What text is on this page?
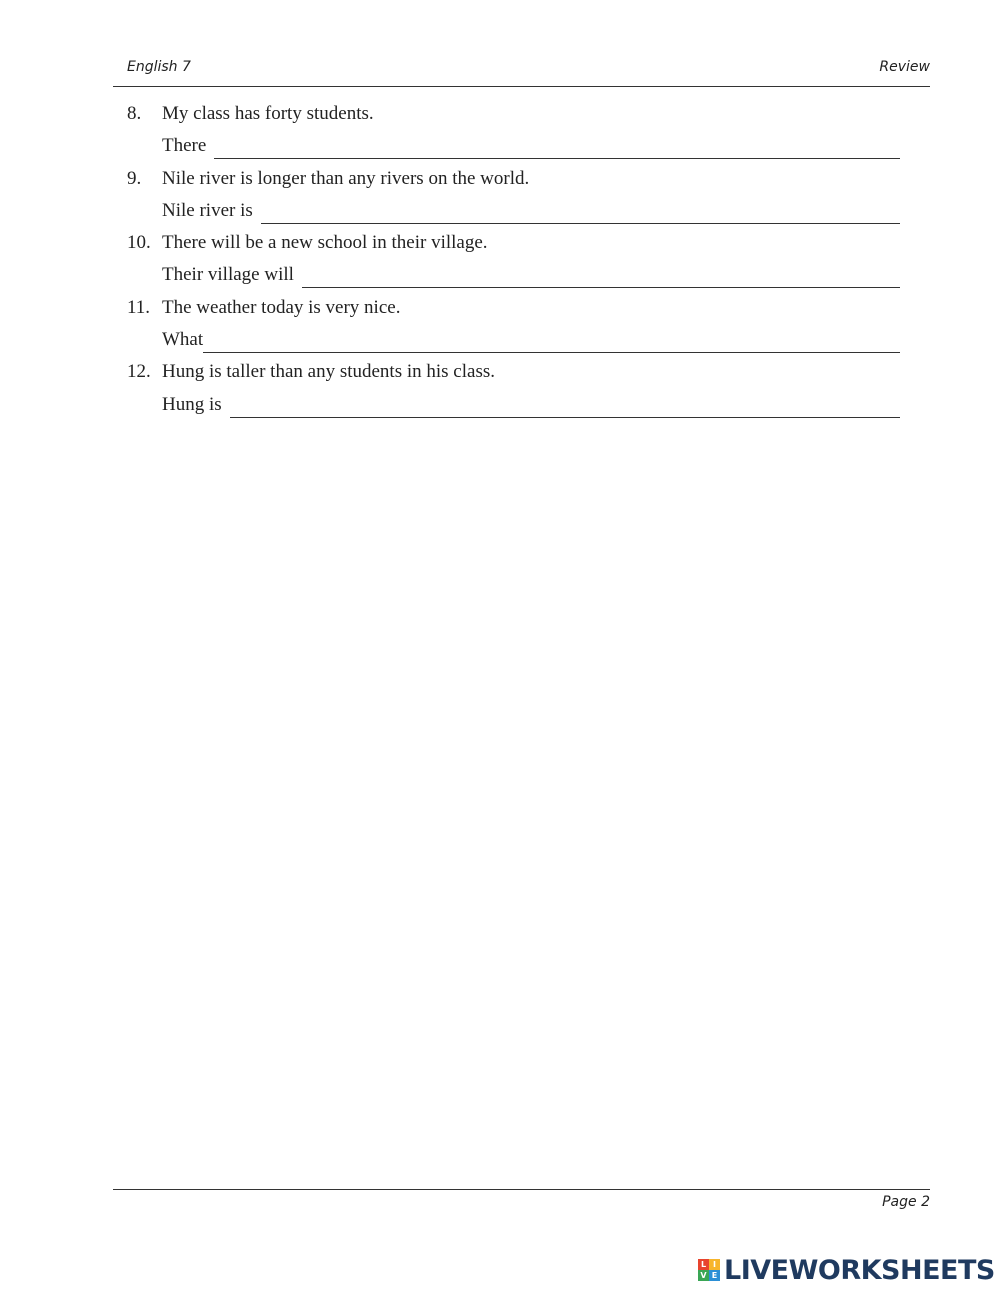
English 7	Review
8. My class has forty students.
There
9. Nile river is longer than any rivers on the world.
Nile river is
10. There will be a new school in their village.
Their village will
11. The weather today is very nice.
What
12. Hung is taller than any students in his class.
Hung is
Page 2
L I
V E LIVEWORKSHEETS
